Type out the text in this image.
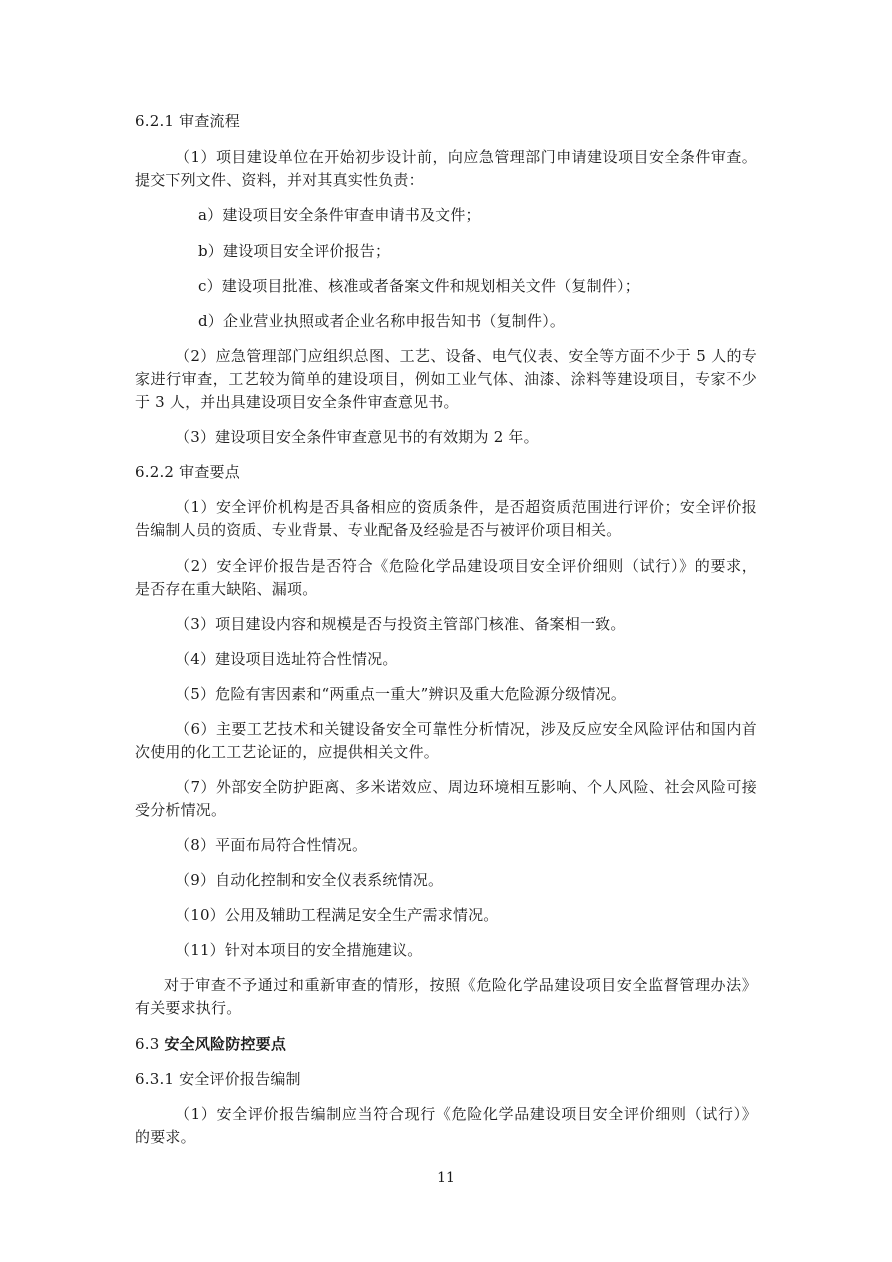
6.2.1 审查流程
（1）项目建设单位在开始初步设计前，向应急管理部门申请建设项目安全条件审查。
提交下列文件、资料，并对其真实性负责：
a）建设项目安全条件审查申请书及文件；
b）建设项目安全评价报告；
c）建设项目批准、核准或者备案文件和规划相关文件（复制件）；
d）企业营业执照或者企业名称申报告知书（复制件）。
（2）应急管理部门应组织总图、工艺、设备、电气仪表、安全等方面不少于 5 人的专
家进行审查，工艺较为简单的建设项目，例如工业气体、油漆、涂料等建设项目，专家不少
于 3 人，并出具建设项目安全条件审查意见书。
（3）建设项目安全条件审查意见书的有效期为 2 年。
6.2.2 审查要点
（1）安全评价机构是否具备相应的资质条件，是否超资质范围进行评价；安全评价报
告编制人员的资质、专业背景、专业配备及经验是否与被评价项目相关。
（2）安全评价报告是否符合《危险化学品建设项目安全评价细则（试行）》的要求，
是否存在重大缺陷、漏项。
（3）项目建设内容和规模是否与投资主管部门核准、备案相一致。
（4）建设项目选址符合性情况。
（5）危险有害因素和“两重点一重大”辨识及重大危险源分级情况。
（6）主要工艺技术和关键设备安全可靠性分析情况，涉及反应安全风险评估和国内首
次使用的化工工艺论证的，应提供相关文件。
（7）外部安全防护距离、多米诺效应、周边环境相互影响、个人风险、社会风险可接
受分析情况。
（8）平面布局符合性情况。
（9）自动化控制和安全仪表系统情况。
（10）公用及辅助工程满足安全生产需求情况。
（11）针对本项目的安全措施建议。
对于审查不予通过和重新审查的情形，按照《危险化学品建设项目安全监督管理办法》
有关要求执行。
6.3 安全风险防控要点
6.3.1 安全评价报告编制
（1）安全评价报告编制应当符合现行《危险化学品建设项目安全评价细则（试行）》
的要求。
11
